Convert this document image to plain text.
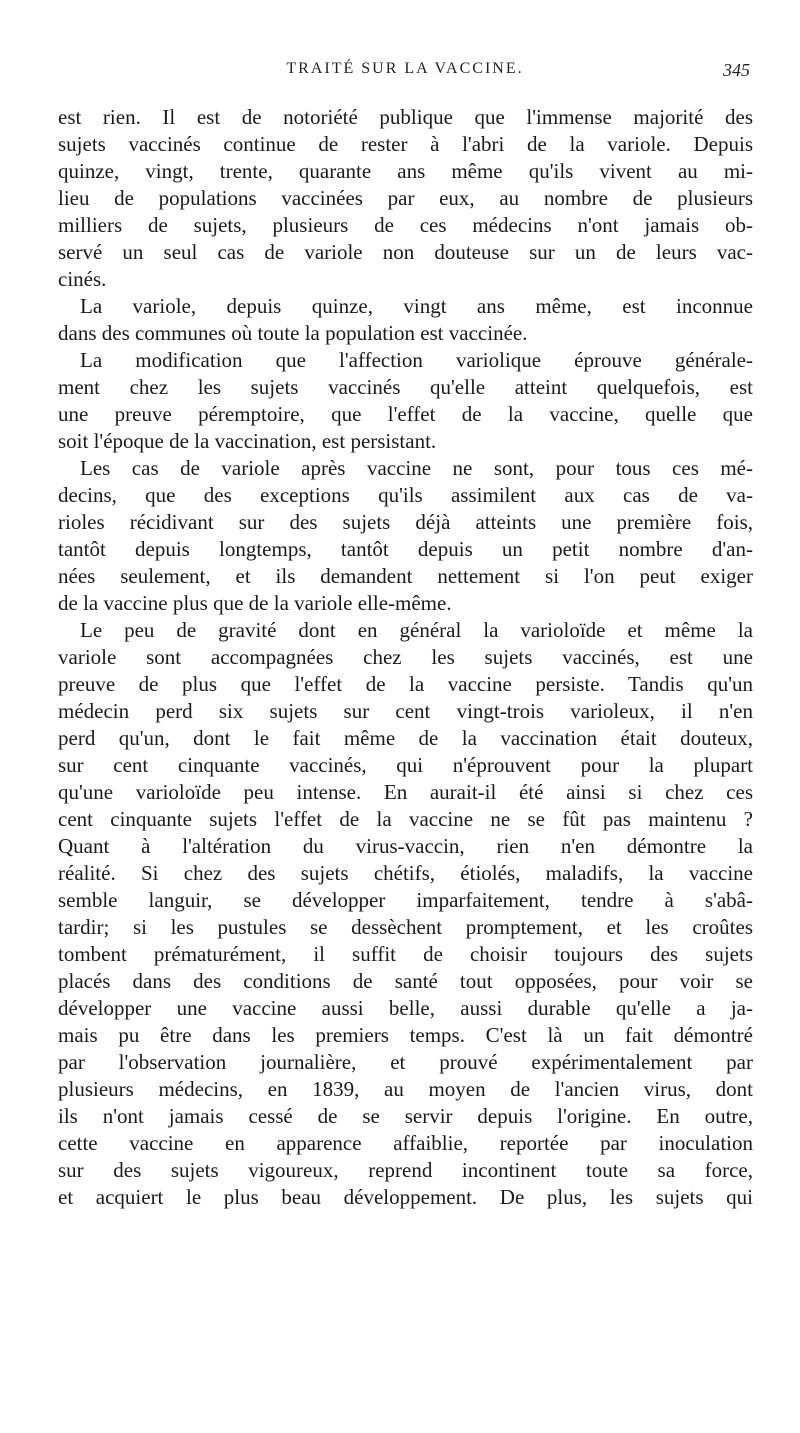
TRAITÉ SUR LA VACCINE.	345
est rien. Il est de notoriété publique que l'immense majorité des
sujets vaccinés continue de rester à l'abri de la variole. Depuis
quinze, vingt, trente, quarante ans même qu'ils vivent au mi-
lieu de populations vaccinées par eux, au nombre de plusieurs
milliers de sujets, plusieurs de ces médecins n'ont jamais ob-
servé un seul cas de variole non douteuse sur un de leurs vac-
cinés.
La variole, depuis quinze, vingt ans même, est inconnue
dans des communes où toute la population est vaccinée.
La modification que l'affection variolique éprouve générale-
ment chez les sujets vaccinés qu'elle atteint quelquefois, est
une preuve péremptoire, que l'effet de la vaccine, quelle que
soit l'époque de la vaccination, est persistant.
Les cas de variole après vaccine ne sont, pour tous ces mé-
decins, que des exceptions qu'ils assimilent aux cas de va-
rioles récidivant sur des sujets déjà atteints une première fois,
tantôt depuis longtemps, tantôt depuis un petit nombre d'an-
nées seulement, et ils demandent nettement si l'on peut exiger
de la vaccine plus que de la variole elle-même.
Le peu de gravité dont en général la varioloïde et même la
variole sont accompagnées chez les sujets vaccinés, est une
preuve de plus que l'effet de la vaccine persiste. Tandis qu'un
médecin perd six sujets sur cent vingt-trois varioleux, il n'en
perd qu'un, dont le fait même de la vaccination était douteux,
sur cent cinquante vaccinés, qui n'éprouvent pour la plupart
qu'une varioloïde peu intense. En aurait-il été ainsi si chez ces
cent cinquante sujets l'effet de la vaccine ne se fût pas maintenu ?
Quant à l'altération du virus-vaccin, rien n'en démontre la
réalité. Si chez des sujets chétifs, étiolés, maladifs, la vaccine
semble languir, se développer imparfaitement, tendre à s'abâ-
tardir; si les pustules se dessèchent promptement, et les croûtes
tombent prématurément, il suffit de choisir toujours des sujets
placés dans des conditions de santé tout opposées, pour voir se
développer une vaccine aussi belle, aussi durable qu'elle a ja-
mais pu être dans les premiers temps. C'est là un fait démontré
par l'observation journalière, et prouvé expérimentalement par
plusieurs médecins, en 1839, au moyen de l'ancien virus, dont
ils n'ont jamais cessé de se servir depuis l'origine. En outre,
cette vaccine en apparence affaiblie, reportée par inoculation
sur des sujets vigoureux, reprend incontinent toute sa force,
et acquiert le plus beau développement. De plus, les sujets qui
